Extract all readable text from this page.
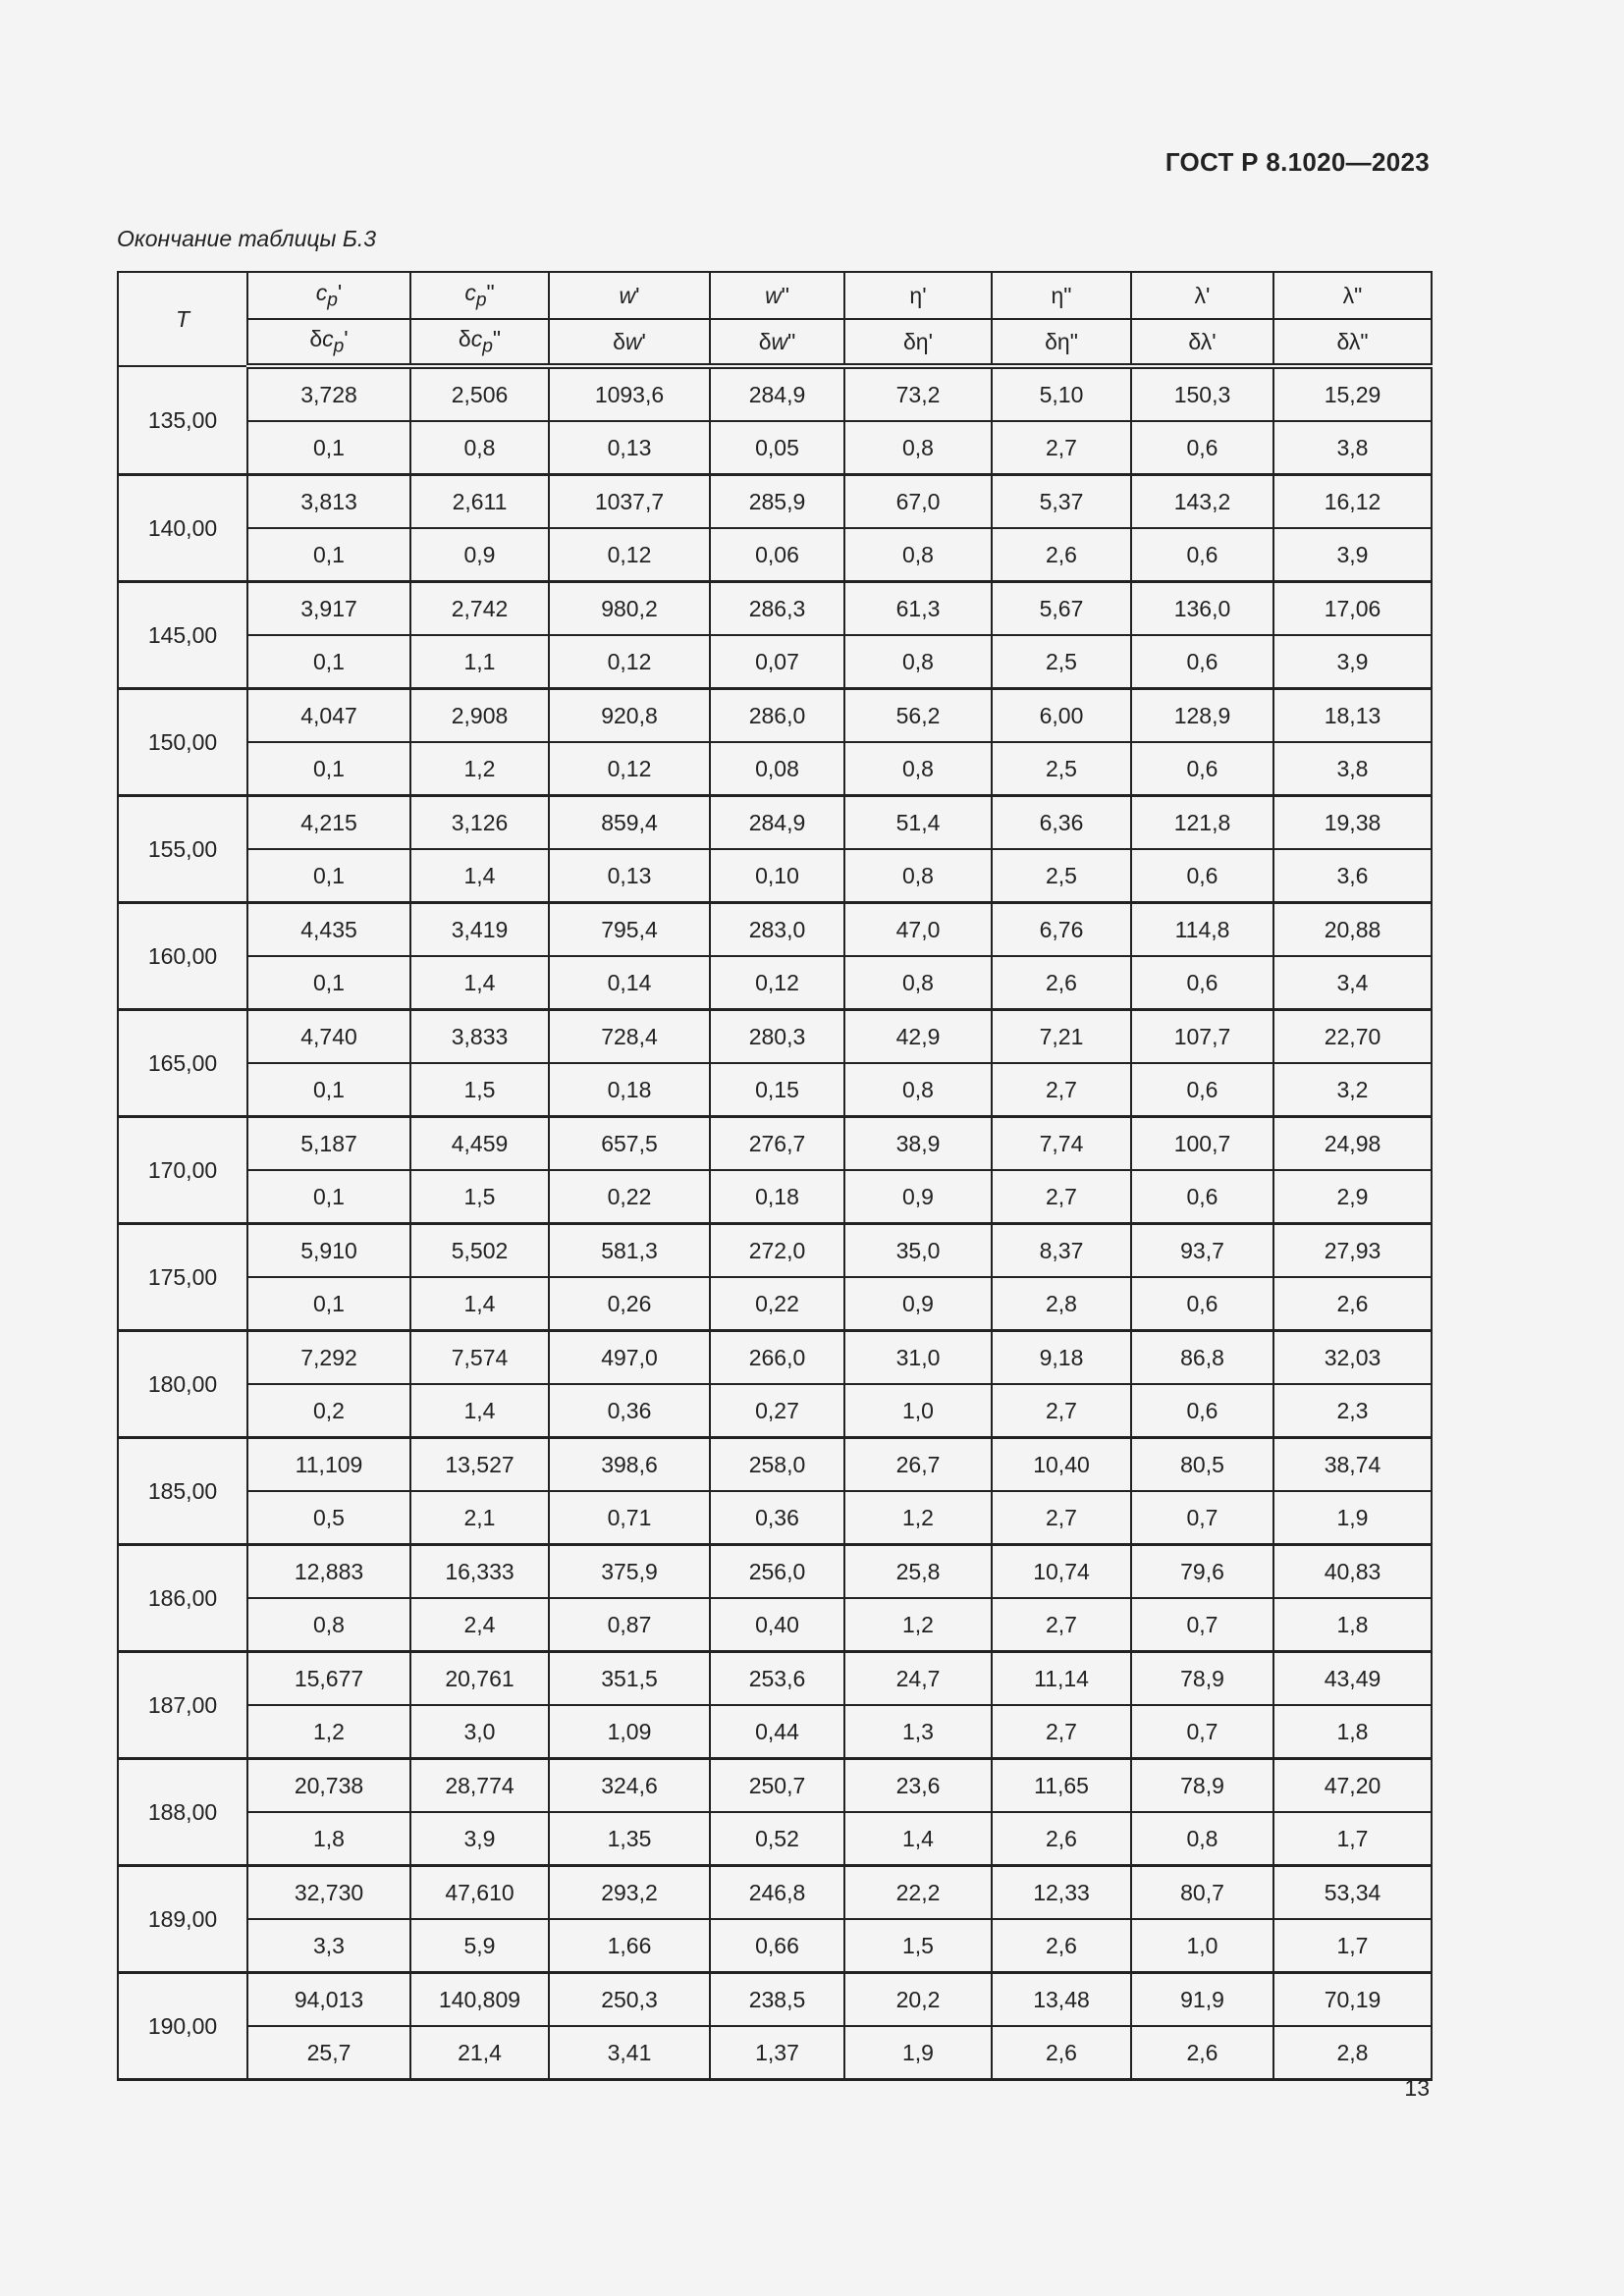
ГОСТ Р 8.1020—2023
Окончание таблицы Б.3
T	$c_p'$	$c_p$"	w'	w"	η'	η"	λ'	λ"
	$\delta c_p'$	$\delta c_p$"	δw'	δw"	δη'	δη"	δλ'	δλ"
135,00	3,728	2,506	1093,6	284,9	73,2	5,10	150,3	15,29
	0,1	0,8	0,13	0,05	0,8	2,7	0,6	3,8
140,00	3,813	2,611	1037,7	285,9	67,0	5,37	143,2	16,12
	0,1	0,9	0,12	0,06	0,8	2,6	0,6	3,9
145,00	3,917	2,742	980,2	286,3	61,3	5,67	136,0	17,06
	0,1	1,1	0,12	0,07	0,8	2,5	0,6	3,9
150,00	4,047	2,908	920,8	286,0	56,2	6,00	128,9	18,13
	0,1	1,2	0,12	0,08	0,8	2,5	0,6	3,8
155,00	4,215	3,126	859,4	284,9	51,4	6,36	121,8	19,38
	0,1	1,4	0,13	0,10	0,8	2,5	0,6	3,6
160,00	4,435	3,419	795,4	283,0	47,0	6,76	114,8	20,88
	0,1	1,4	0,14	0,12	0,8	2,6	0,6	3,4
165,00	4,740	3,833	728,4	280,3	42,9	7,21	107,7	22,70
	0,1	1,5	0,18	0,15	0,8	2,7	0,6	3,2
170,00	5,187	4,459	657,5	276,7	38,9	7,74	100,7	24,98
	0,1	1,5	0,22	0,18	0,9	2,7	0,6	2,9
175,00	5,910	5,502	581,3	272,0	35,0	8,37	93,7	27,93
	0,1	1,4	0,26	0,22	0,9	2,8	0,6	2,6
180,00	7,292	7,574	497,0	266,0	31,0	9,18	86,8	32,03
	0,2	1,4	0,36	0,27	1,0	2,7	0,6	2,3
185,00	11,109	13,527	398,6	258,0	26,7	10,40	80,5	38,74
	0,5	2,1	0,71	0,36	1,2	2,7	0,7	1,9
186,00	12,883	16,333	375,9	256,0	25,8	10,74	79,6	40,83
	0,8	2,4	0,87	0,40	1,2	2,7	0,7	1,8
187,00	15,677	20,761	351,5	253,6	24,7	11,14	78,9	43,49
	1,2	3,0	1,09	0,44	1,3	2,7	0,7	1,8
188,00	20,738	28,774	324,6	250,7	23,6	11,65	78,9	47,20
	1,8	3,9	1,35	0,52	1,4	2,6	0,8	1,7
189,00	32,730	47,610	293,2	246,8	22,2	12,33	80,7	53,34
	3,3	5,9	1,66	0,66	1,5	2,6	1,0	1,7
190,00	94,013	140,809	250,3	238,5	20,2	13,48	91,9	70,19
	25,7	21,4	3,41	1,37	1,9	2,6	2,6	2,8
13
